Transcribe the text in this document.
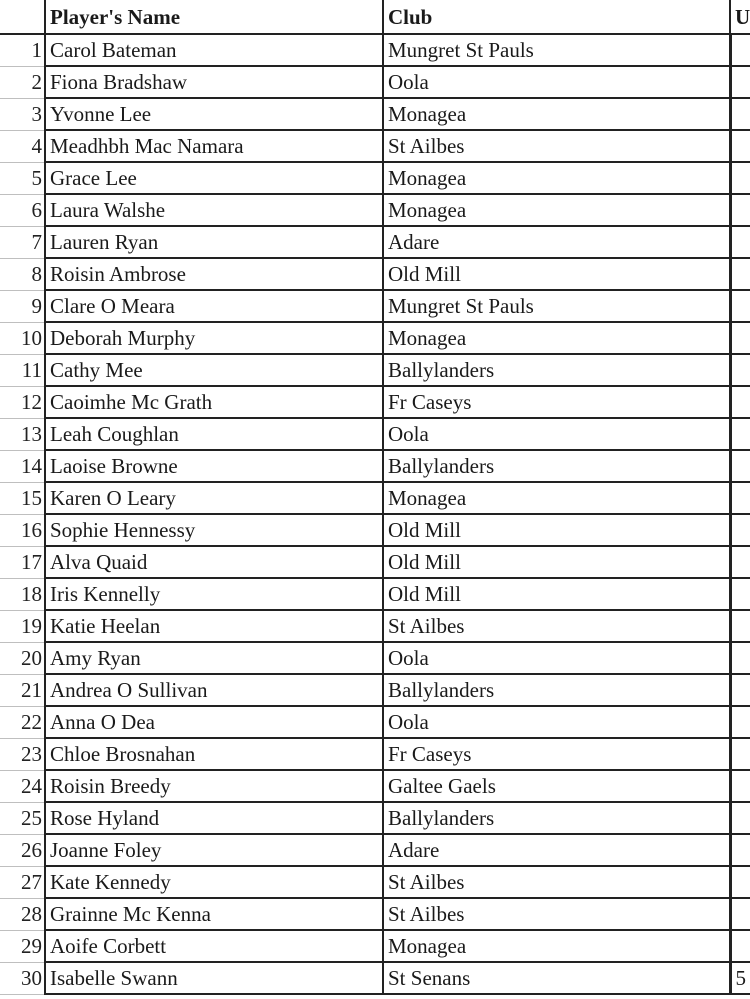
	Player's Name	Club	U
1	Carol Bateman	Mungret St Pauls	
2	Fiona Bradshaw	Oola	
3	Yvonne Lee	Monagea	
4	Meadhbh Mac Namara	St Ailbes	
5	Grace Lee	Monagea	
6	Laura Walshe	Monagea	
7	Lauren Ryan	Adare	
8	Roisin Ambrose	Old Mill	
9	Clare O Meara	Mungret St Pauls	
10	Deborah Murphy	Monagea	
11	Cathy Mee	Ballylanders	
12	Caoimhe Mc Grath	Fr Caseys	
13	Leah Coughlan	Oola	
14	Laoise Browne	Ballylanders	
15	Karen O Leary	Monagea	
16	Sophie Hennessy	Old Mill	
17	Alva Quaid	Old Mill	
18	Iris Kennelly	Old Mill	
19	Katie Heelan	St Ailbes	
20	Amy Ryan	Oola	
21	Andrea O Sullivan	Ballylanders	
22	Anna O Dea	Oola	
23	Chloe Brosnahan	Fr Caseys	
24	Roisin Breedy	Galtee Gaels	
25	Rose Hyland	Ballylanders	
26	Joanne Foley	Adare	
27	Kate Kennedy	St Ailbes	
28	Grainne Mc Kenna	St Ailbes	
29	Aoife Corbett	Monagea	
30	Isabelle Swann	St Senans	5
